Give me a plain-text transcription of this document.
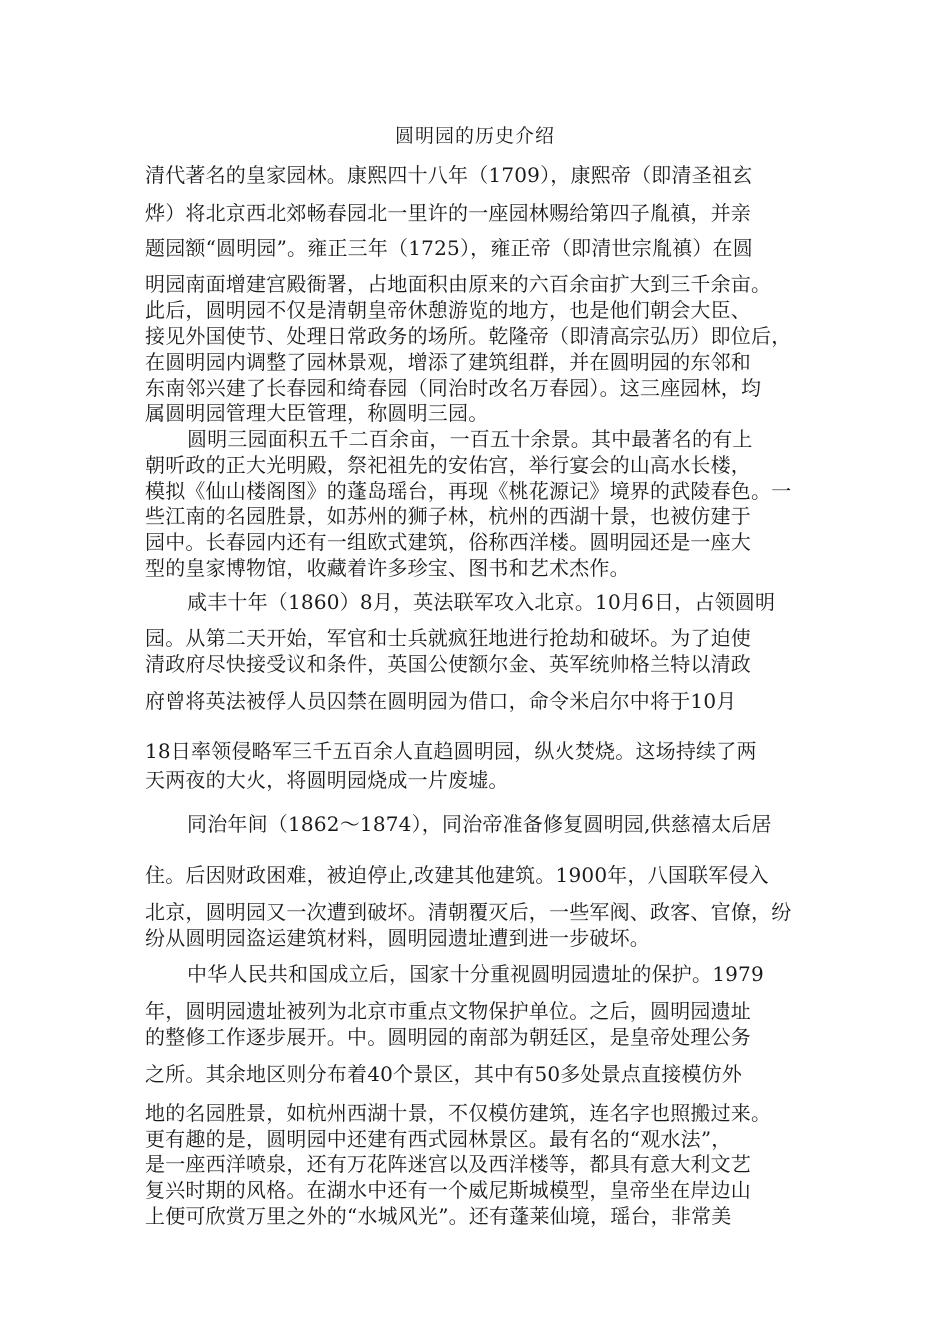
圆明园的历史介绍
清代著名的皇家园林。康熙四十八年（1709），康熙帝（即清圣祖玄
烨）将北京西北郊畅春园北一里许的一座园林赐给第四子胤禛，并亲
题园额“圆明园”。雍正三年（1725），雍正帝（即清世宗胤禛）在圆
明园南面增建宫殿衙署，占地面积由原来的六百余亩扩大到三千余亩。
此后，圆明园不仅是清朝皇帝休憩游览的地方，也是他们朝会大臣、
接见外国使节、处理日常政务的场所。乾隆帝（即清高宗弘历）即位后，
在圆明园内调整了园林景观，增添了建筑组群，并在圆明园的东邻和
东南邻兴建了长春园和绮春园（同治时改名万春园）。这三座园林，均
属圆明园管理大臣管理，称圆明三园。
圆明三园面积五千二百余亩，一百五十余景。其中最著名的有上
朝听政的正大光明殿，祭祀祖先的安佑宫，举行宴会的山高水长楼，
模拟《仙山楼阁图》的蓬岛瑶台，再现《桃花源记》境界的武陵春色。一
些江南的名园胜景，如苏州的狮子林，杭州的西湖十景，也被仿建于
园中。长春园内还有一组欧式建筑，俗称西洋楼。圆明园还是一座大
型的皇家博物馆，收藏着许多珍宝、图书和艺术杰作。
咸丰十年（1860）8月，英法联军攻入北京。10月6日，占领圆明
园。从第二天开始，军官和士兵就疯狂地进行抢劫和破坏。为了迫使
清政府尽快接受议和条件，英国公使额尔金、英军统帅格兰特以清政
府曾将英法被俘人员囚禁在圆明园为借口，命令米启尔中将于10月
18日率领侵略军三千五百余人直趋圆明园，纵火焚烧。这场持续了两
天两夜的大火，将圆明园烧成一片废墟。
同治年间（1862～1874），同治帝准备修复圆明园,供慈禧太后居
住。后因财政困难，被迫停止,改建其他建筑。1900年，八国联军侵入
北京，圆明园又一次遭到破坏。清朝覆灭后，一些军阀、政客、官僚，纷
纷从圆明园盗运建筑材料，圆明园遗址遭到进一步破坏。
中华人民共和国成立后，国家十分重视圆明园遗址的保护。1979
年，圆明园遗址被列为北京市重点文物保护单位。之后，圆明园遗址
的整修工作逐步展开。中。圆明园的南部为朝廷区，是皇帝处理公务
之所。其余地区则分布着40个景区，其中有50多处景点直接模仿外
地的名园胜景，如杭州西湖十景，不仅模仿建筑，连名字也照搬过来。
更有趣的是，圆明园中还建有西式园林景区。最有名的“观水法”，
是一座西洋喷泉，还有万花阵迷宫以及西洋楼等，都具有意大利文艺
复兴时期的风格。在湖水中还有一个威尼斯城模型，皇帝坐在岸边山
上便可欣赏万里之外的“水城风光”。还有蓬莱仙境，瑶台，非常美
